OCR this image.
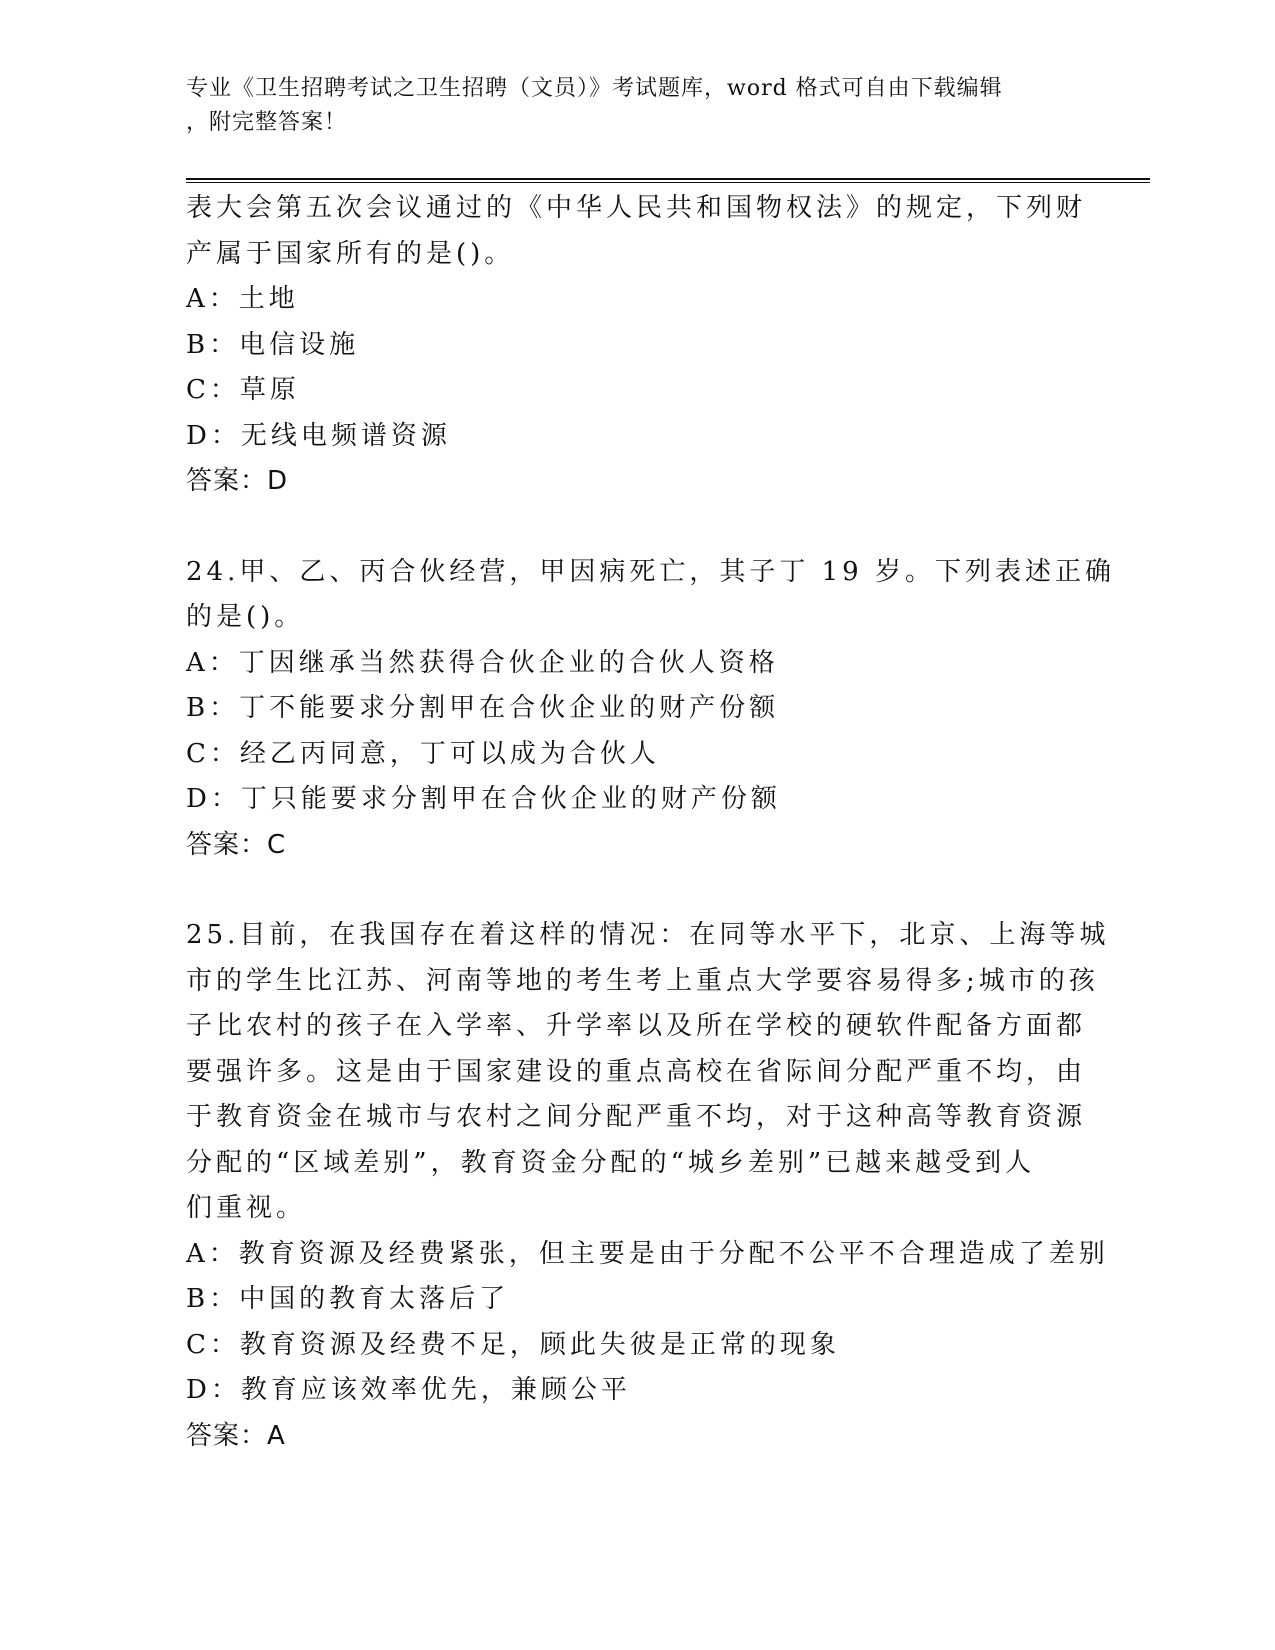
专业《卫生招聘考试之卫生招聘（文员）》考试题库，word 格式可自由下载编辑
，附完整答案！
表大会第五次会议通过的《中华人民共和国物权法》的规定，下列财
产属于国家所有的是()。
A：土地
B：电信设施
C：草原
D：无线电频谱资源
答案：D
24.甲、乙、丙合伙经营，甲因病死亡，其子丁 19 岁。下列表述正确
的是()。
A：丁因继承当然获得合伙企业的合伙人资格
B：丁不能要求分割甲在合伙企业的财产份额
C：经乙丙同意，丁可以成为合伙人
D：丁只能要求分割甲在合伙企业的财产份额
答案：C
25.目前，在我国存在着这样的情况：在同等水平下，北京、上海等城
市的学生比江苏、河南等地的考生考上重点大学要容易得多;城市的孩
子比农村的孩子在入学率、升学率以及所在学校的硬软件配备方面都
要强许多。这是由于国家建设的重点高校在省际间分配严重不均，由
于教育资金在城市与农村之间分配严重不均，对于这种高等教育资源
分配的“区域差别”，教育资金分配的“城乡差别”已越来越受到人
们重视。
A：教育资源及经费紧张，但主要是由于分配不公平不合理造成了差别
B：中国的教育太落后了
C：教育资源及经费不足，顾此失彼是正常的现象
D：教育应该效率优先，兼顾公平
答案：A
